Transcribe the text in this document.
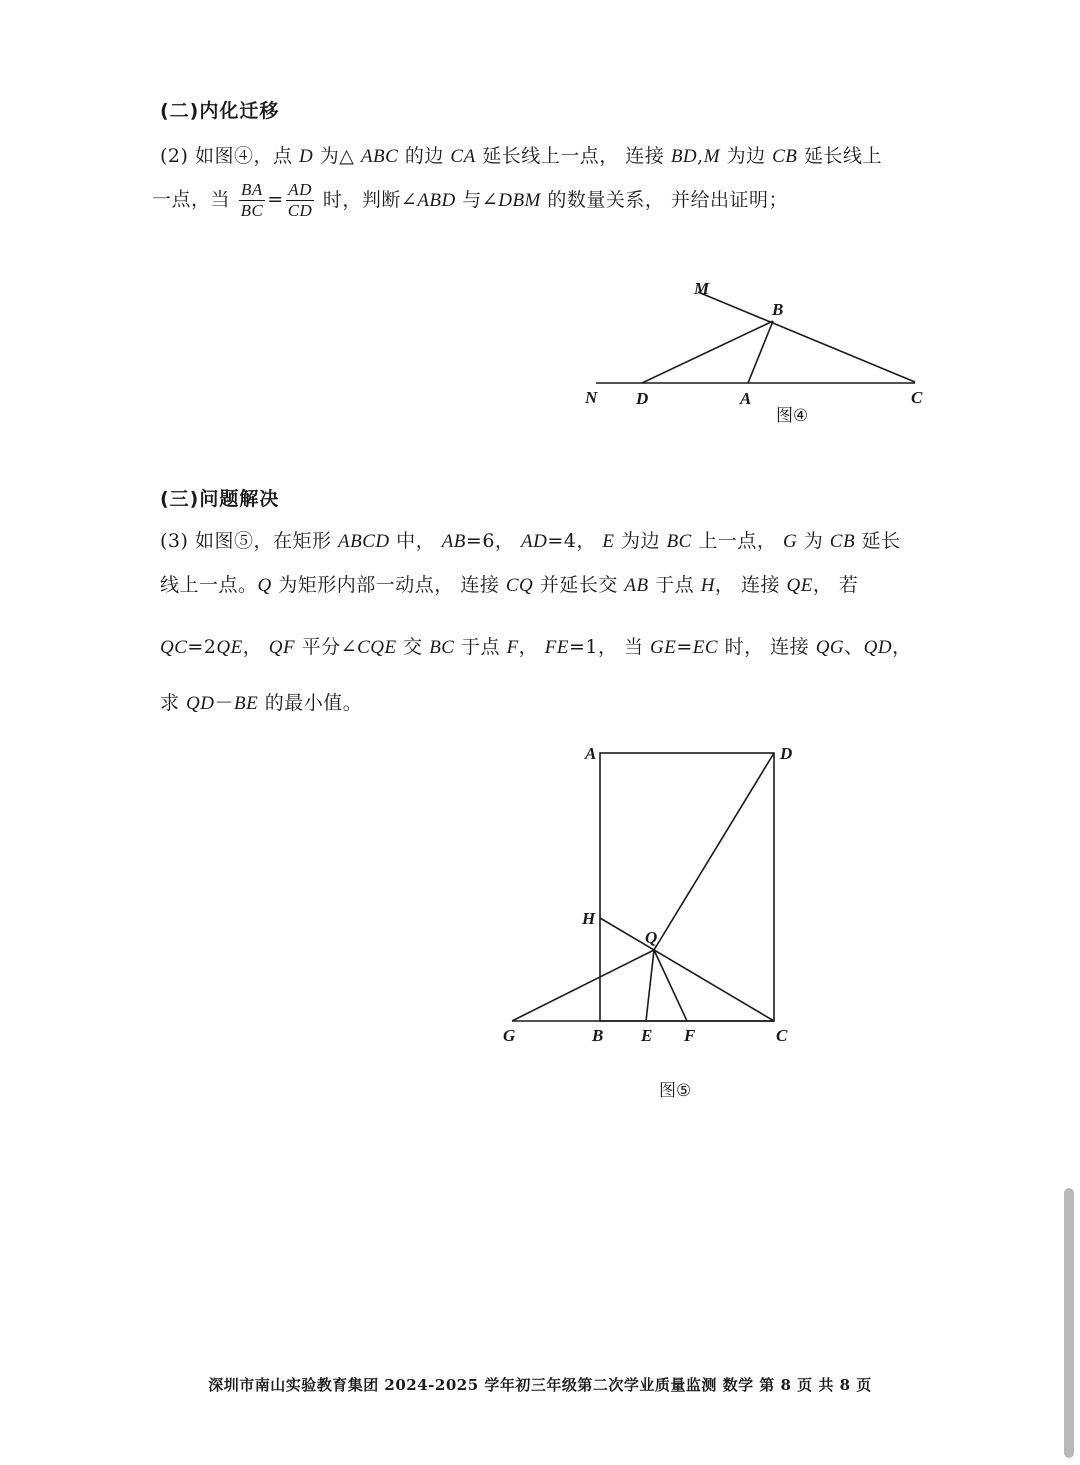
(二)内化迁移
(2) 如图④，点 D 为△ ABC 的边 CA 延长线上一点， 连接 BD,M 为边 CB 延长线上
一点，当 $\frac{BA}{BC} = \frac{AD}{CD}$ 时，判断∠ABD 与∠DBM 的数量关系， 并给出证明；
M
B
N D	A	C
图④
(三)问题解决
(3) 如图⑤，在矩形 ABCD 中， AB=6， AD=4， E 为边 BC 上一点， G 为 CB 延长
线上一点。Q 为矩形内部一动点， 连接 CQ 并延长交 AB 于点 H， 连接 QE， 若
QC=2QE， QF 平分∠CQE 交 BC 于点 F， FE=1， 当 GE=EC 时， 连接 QG、QD，
求 QD－BE 的最小值。
A	D
H
Q
G	B E F	C
图⑤
深圳市南山实验教育集团 2024-2025 学年初三年级第二次学业质量监测 数学 第 8 页 共 8 页
